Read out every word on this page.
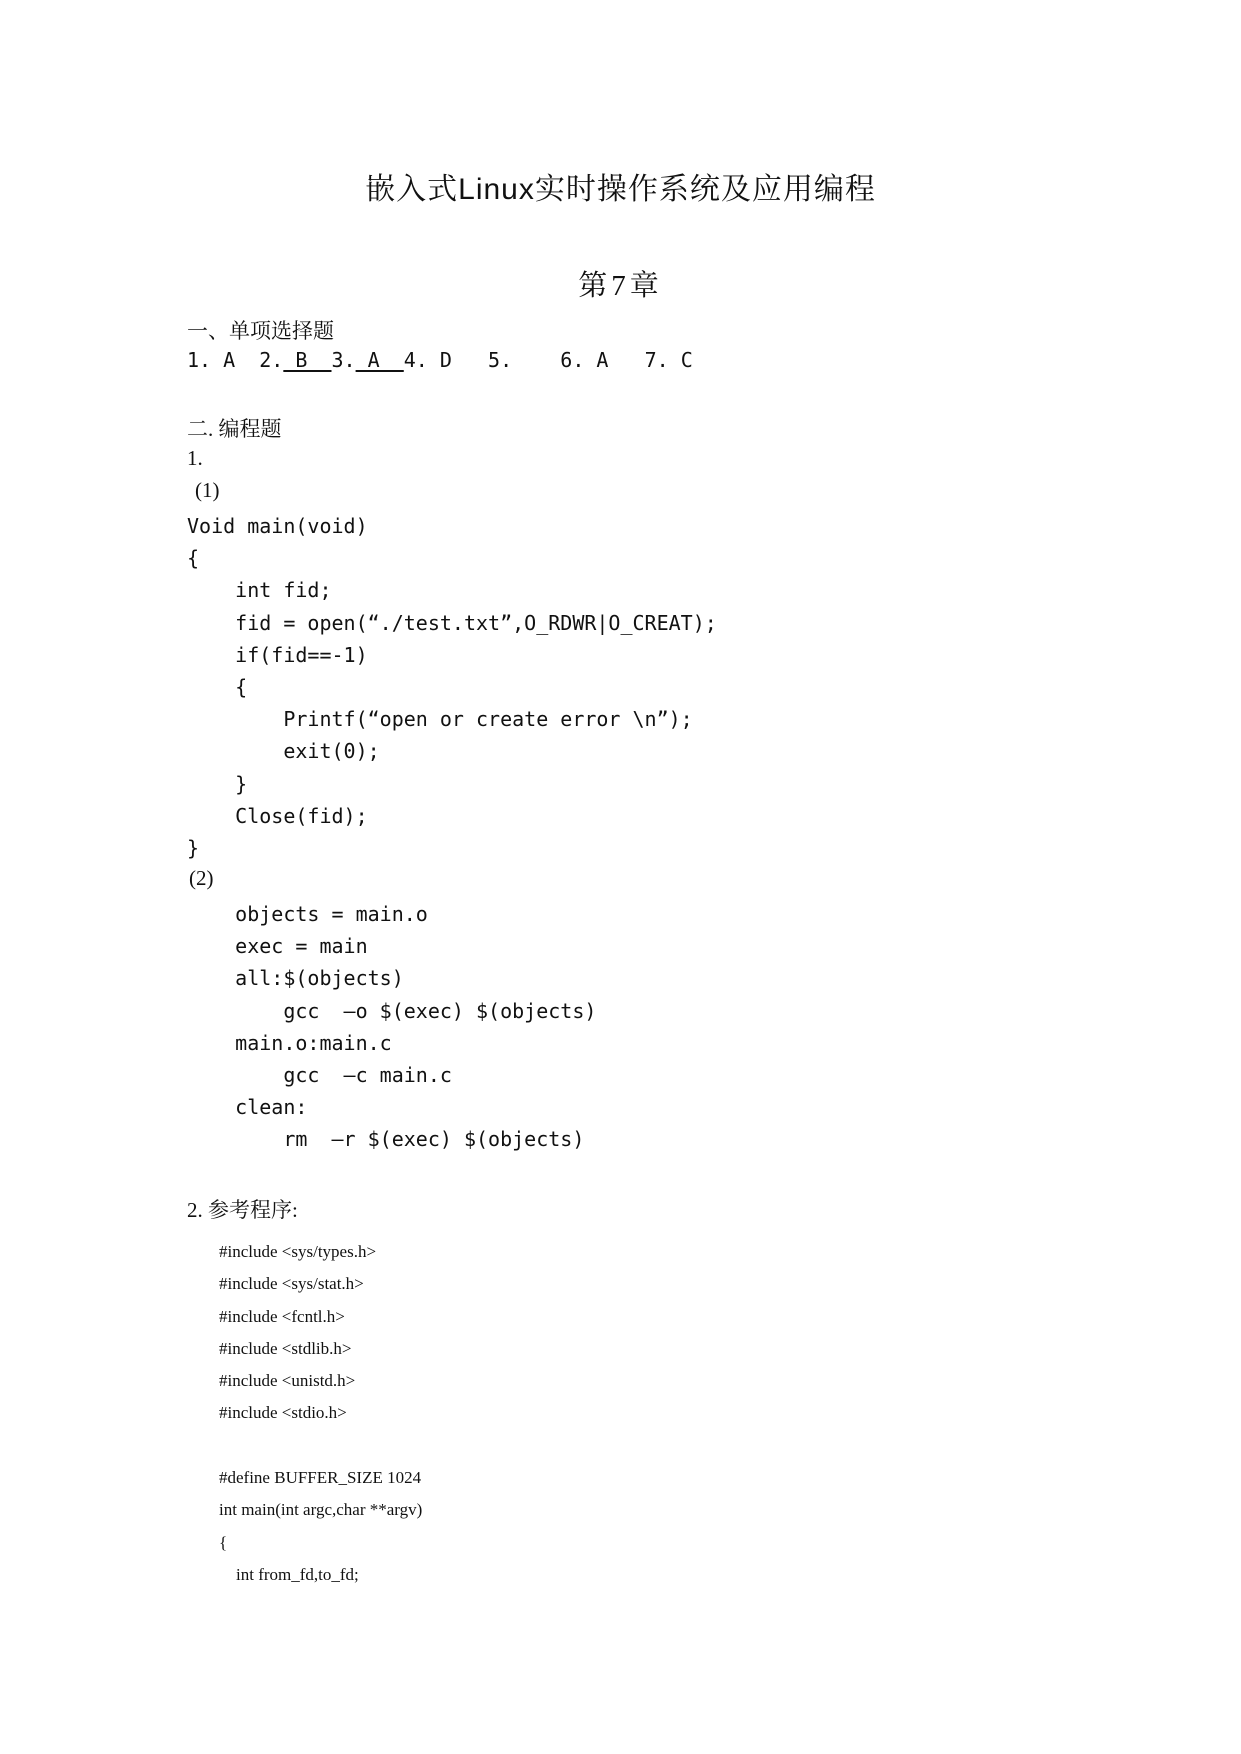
嵌入式Linux实时操作系统及应用编程
第7章
一、单项选择题
1. A  2. B  3. A  4. D   5.    6. A   7. C
二. 编程题
1.
(1)
Void main(void)
{
int fid;
fid = open(“./test.txt”,O_RDWR|O_CREAT);
if(fid==-1)
{
Printf(“open or create error \n”);
exit(0);
}
Close(fid);
}
(2)
objects = main.o
exec = main
all:$(objects)
gcc  –o $(exec) $(objects)
main.o:main.c
gcc  –c main.c
clean:
rm  –r $(exec) $(objects)
2. 参考程序:
#include <sys/types.h>
#include <sys/stat.h>
#include <fcntl.h>
#include <stdlib.h>
#include <unistd.h>
#include <stdio.h>
#define BUFFER_SIZE 1024
int main(int argc,char **argv)
{
int from_fd,to_fd;
